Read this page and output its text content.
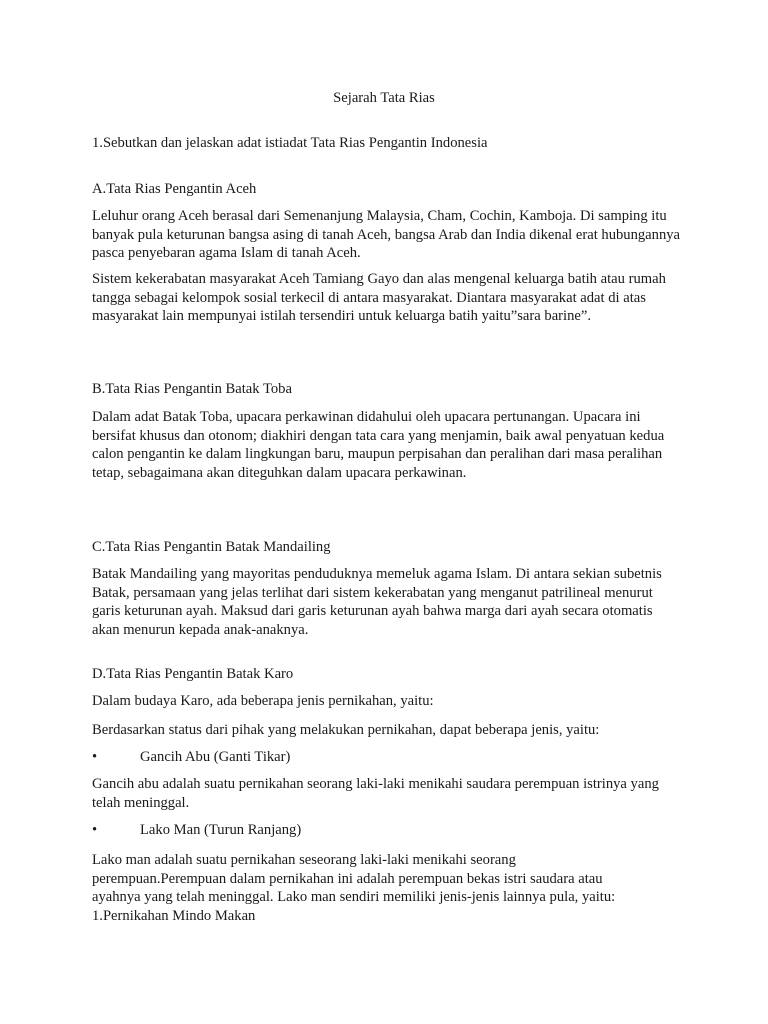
Sejarah Tata Rias

1.Sebutkan dan jelaskan adat istiadat Tata Rias Pengantin Indonesia

A.Tata Rias Pengantin Aceh

Leluhur orang Aceh berasal dari Semenanjung Malaysia, Cham, Cochin, Kamboja. Di samping itu banyak pula keturunan bangsa asing di tanah Aceh, bangsa Arab dan India dikenal erat hubungannya pasca penyebaran agama Islam di tanah Aceh.

Sistem kekerabatan masyarakat Aceh Tamiang Gayo dan alas mengenal keluarga batih atau rumah tangga sebagai kelompok sosial terkecil di antara masyarakat. Diantara masyarakat adat di atas masyarakat lain mempunyai istilah tersendiri untuk keluarga batih yaitu”sara barine”.

B.Tata Rias Pengantin Batak Toba

Dalam adat Batak Toba, upacara perkawinan didahului oleh upacara pertunangan. Upacara ini bersifat khusus dan otonom; diakhiri dengan tata cara yang menjamin, baik awal penyatuan kedua calon pengantin ke dalam lingkungan baru, maupun perpisahan dan peralihan dari masa peralihan tetap, sebagaimana akan diteguhkan dalam upacara perkawinan.

C.Tata Rias Pengantin Batak Mandailing

Batak Mandailing yang mayoritas penduduknya memeluk agama Islam. Di antara sekian subetnis Batak, persamaan yang jelas terlihat dari sistem kekerabatan yang menganut patrilineal menurut garis keturunan ayah. Maksud dari garis keturunan ayah bahwa marga dari ayah secara otomatis akan menurun kepada anak-anaknya.

D.Tata Rias Pengantin Batak Karo

Dalam budaya Karo, ada beberapa jenis pernikahan, yaitu:

Berdasarkan status dari pihak yang melakukan pernikahan, dapat beberapa jenis, yaitu:

•	Gancih Abu (Ganti Tikar)

Gancih abu adalah suatu pernikahan seorang laki-laki menikahi saudara perempuan istrinya yang telah meninggal.

•	Lako Man (Turun Ranjang)
Lako man adalah suatu pernikahan seseorang laki-laki menikahi seorang
perempuan.Perempuan dalam pernikahan ini adalah perempuan bekas istri saudara atau
ayahnya yang telah meninggal. Lako man sendiri memiliki jenis-jenis lainnya pula, yaitu:
1.Pernikahan Mindo Makan
